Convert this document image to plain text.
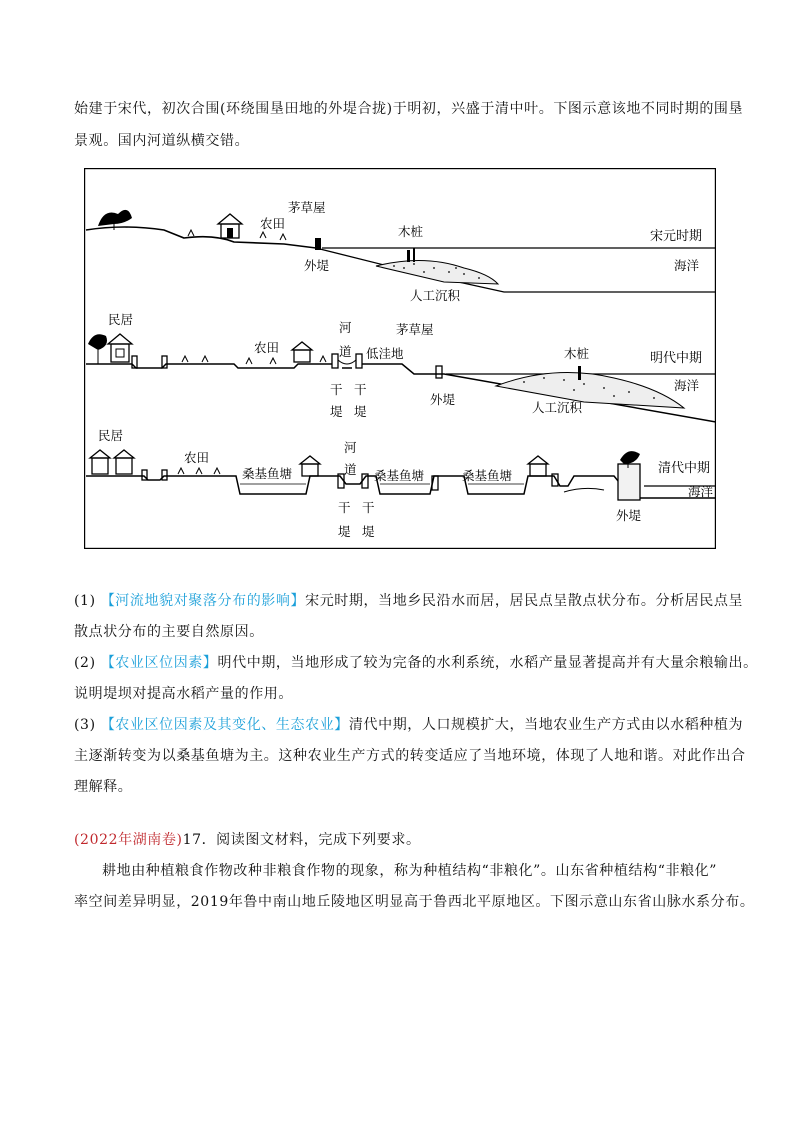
始建于宋代，初次合围(环绕围垦田地的外堤合拢)于明初，兴盛于清中叶。下图示意该地不同时期的围垦
景观。国内河道纵横交错。
农田
茅草屋
外堤
木桩	宋元时期
海洋
人工沉积
民居
农田
河
道 低洼地
茅草屋
干
堤
干
堤
外堤
木桩	明代中期
海洋
人工沉积
民居
农田
桑基鱼塘
河
道 桑基鱼塘	桑基鱼塘
干
堤
干
堤
清代中期
海洋
外堤
(1) 【河流地貌对聚落分布的影响】宋元时期，当地乡民沿水而居，居民点呈散点状分布。分析居民点呈
散点状分布的主要自然原因。
(2) 【农业区位因素】明代中期，当地形成了较为完备的水利系统，水稻产量显著提高并有大量余粮输出。
说明堤坝对提高水稻产量的作用。
(3) 【农业区位因素及其变化、生态农业】清代中期，人口规模扩大，当地农业生产方式由以水稻种植为
主逐渐转变为以桑基鱼塘为主。这种农业生产方式的转变适应了当地环境，体现了人地和谐。对此作出合
理解释。
(2022年湖南卷)17．阅读图文材料，完成下列要求。
耕地由种植粮食作物改种非粮食作物的现象，称为种植结构“非粮化”。山东省种植结构“非粮化”
率空间差异明显，2019年鲁中南山地丘陵地区明显高于鲁西北平原地区。下图示意山东省山脉水系分布。
